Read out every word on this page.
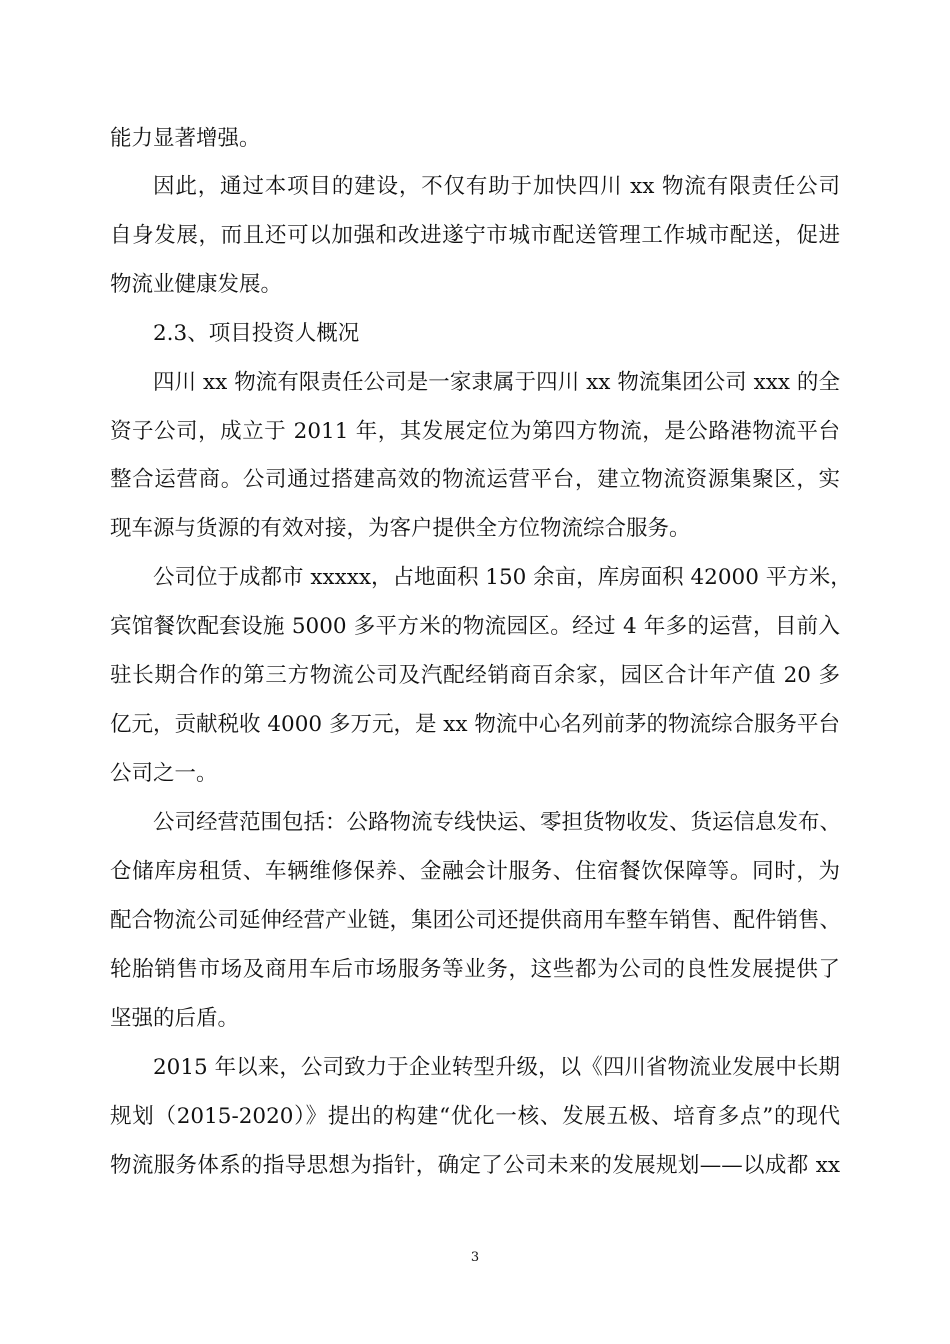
能力显著增强。
因此，通过本项目的建设，不仅有助于加快四川 xx 物流有限责任公司
自身发展，而且还可以加强和改进遂宁市城市配送管理工作城市配送，促进
物流业健康发展。
2.3、项目投资人概况
四川 xx 物流有限责任公司是一家隶属于四川 xx 物流集团公司 xxx 的全
资子公司，成立于 2011 年，其发展定位为第四方物流，是公路港物流平台
整合运营商。公司通过搭建高效的物流运营平台，建立物流资源集聚区，实
现车源与货源的有效对接，为客户提供全方位物流综合服务。
公司位于成都市 xxxxx，占地面积 150 余亩，库房面积 42000 平方米，
宾馆餐饮配套设施 5000 多平方米的物流园区。经过 4 年多的运营，目前入
驻长期合作的第三方物流公司及汽配经销商百余家，园区合计年产值 20 多
亿元，贡献税收 4000 多万元，是 xx 物流中心名列前茅的物流综合服务平台
公司之一。
公司经营范围包括：公路物流专线快运、零担货物收发、货运信息发布、
仓储库房租赁、车辆维修保养、金融会计服务、住宿餐饮保障等。同时，为
配合物流公司延伸经营产业链，集团公司还提供商用车整车销售、配件销售、
轮胎销售市场及商用车后市场服务等业务，这些都为公司的良性发展提供了
坚强的后盾。
2015 年以来，公司致力于企业转型升级，以《四川省物流业发展中长期
规划（2015-2020）》提出的构建“优化一核、发展五极、培育多点”的现代
物流服务体系的指导思想为指针，确定了公司未来的发展规划——以成都 xx
3
